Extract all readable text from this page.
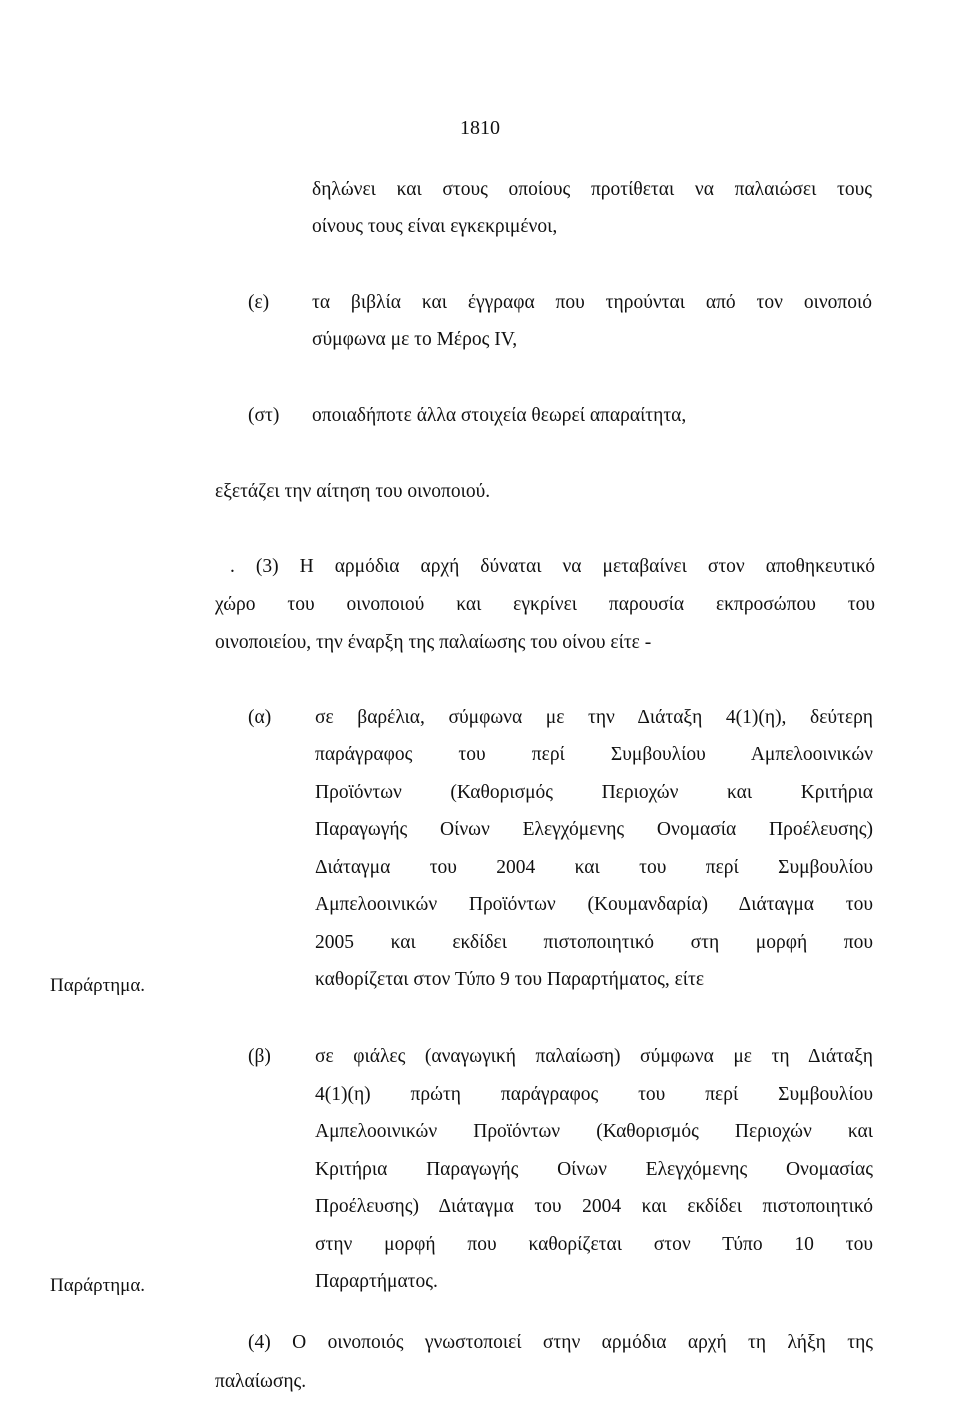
1810
δηλώνει και στους οποίους προτίθεται να παλαιώσει τους
οίνους τους είναι εγκεκριμένοι,
(ε) τα βιβλία και έγγραφα που τηρούνται από τον οινοποιό
σύμφωνα με το Μέρος IV,
(στ) οποιαδήποτε άλλα στοιχεία θεωρεί απαραίτητα,
εξετάζει την αίτηση του οινοποιού.
. (3) Η αρμόδια αρχή δύναται να μεταβαίνει στον αποθηκευτικό
χώρο του οινοποιού και εγκρίνει παρουσία εκπροσώπου του
οινοποιείου, την έναρξη της παλαίωσης του οίνου είτε -
(α) σε βαρέλια, σύμφωνα με την Διάταξη 4(1)(η), δεύτερη
παράγραφος του περί Συμβουλίου Αμπελοοινικών
Προϊόντων (Καθορισμός Περιοχών και Κριτήρια
Παραγωγής Οίνων Ελεγχόμενης Ονομασία Προέλευσης)
Διάταγμα του 2004 και του περί Συμβουλίου
Αμπελοοινικών Προϊόντων (Κουμανδαρία) Διάταγμα του
2005 και εκδίδει πιστοποιητικό στη μορφή που
καθορίζεται στον Τύπο 9 του Παραρτήματος, είτε
Παράρτημα.
(β) σε φιάλες (αναγωγική παλαίωση) σύμφωνα με τη Διάταξη
4(1)(η) πρώτη παράγραφος του περί Συμβουλίου
Αμπελοοινικών Προϊόντων (Καθορισμός Περιοχών και
Κριτήρια Παραγωγής Οίνων Ελεγχόμενης Ονομασίας
Προέλευσης) Διάταγμα του 2004 και εκδίδει πιστοποιητικό
στην μορφή που καθορίζεται στον Τύπο 10 του
Παραρτήματος.
Παράρτημα.
(4) Ο οινοποιός γνωστοποιεί στην αρμόδια αρχή τη λήξη της
παλαίωσης.
